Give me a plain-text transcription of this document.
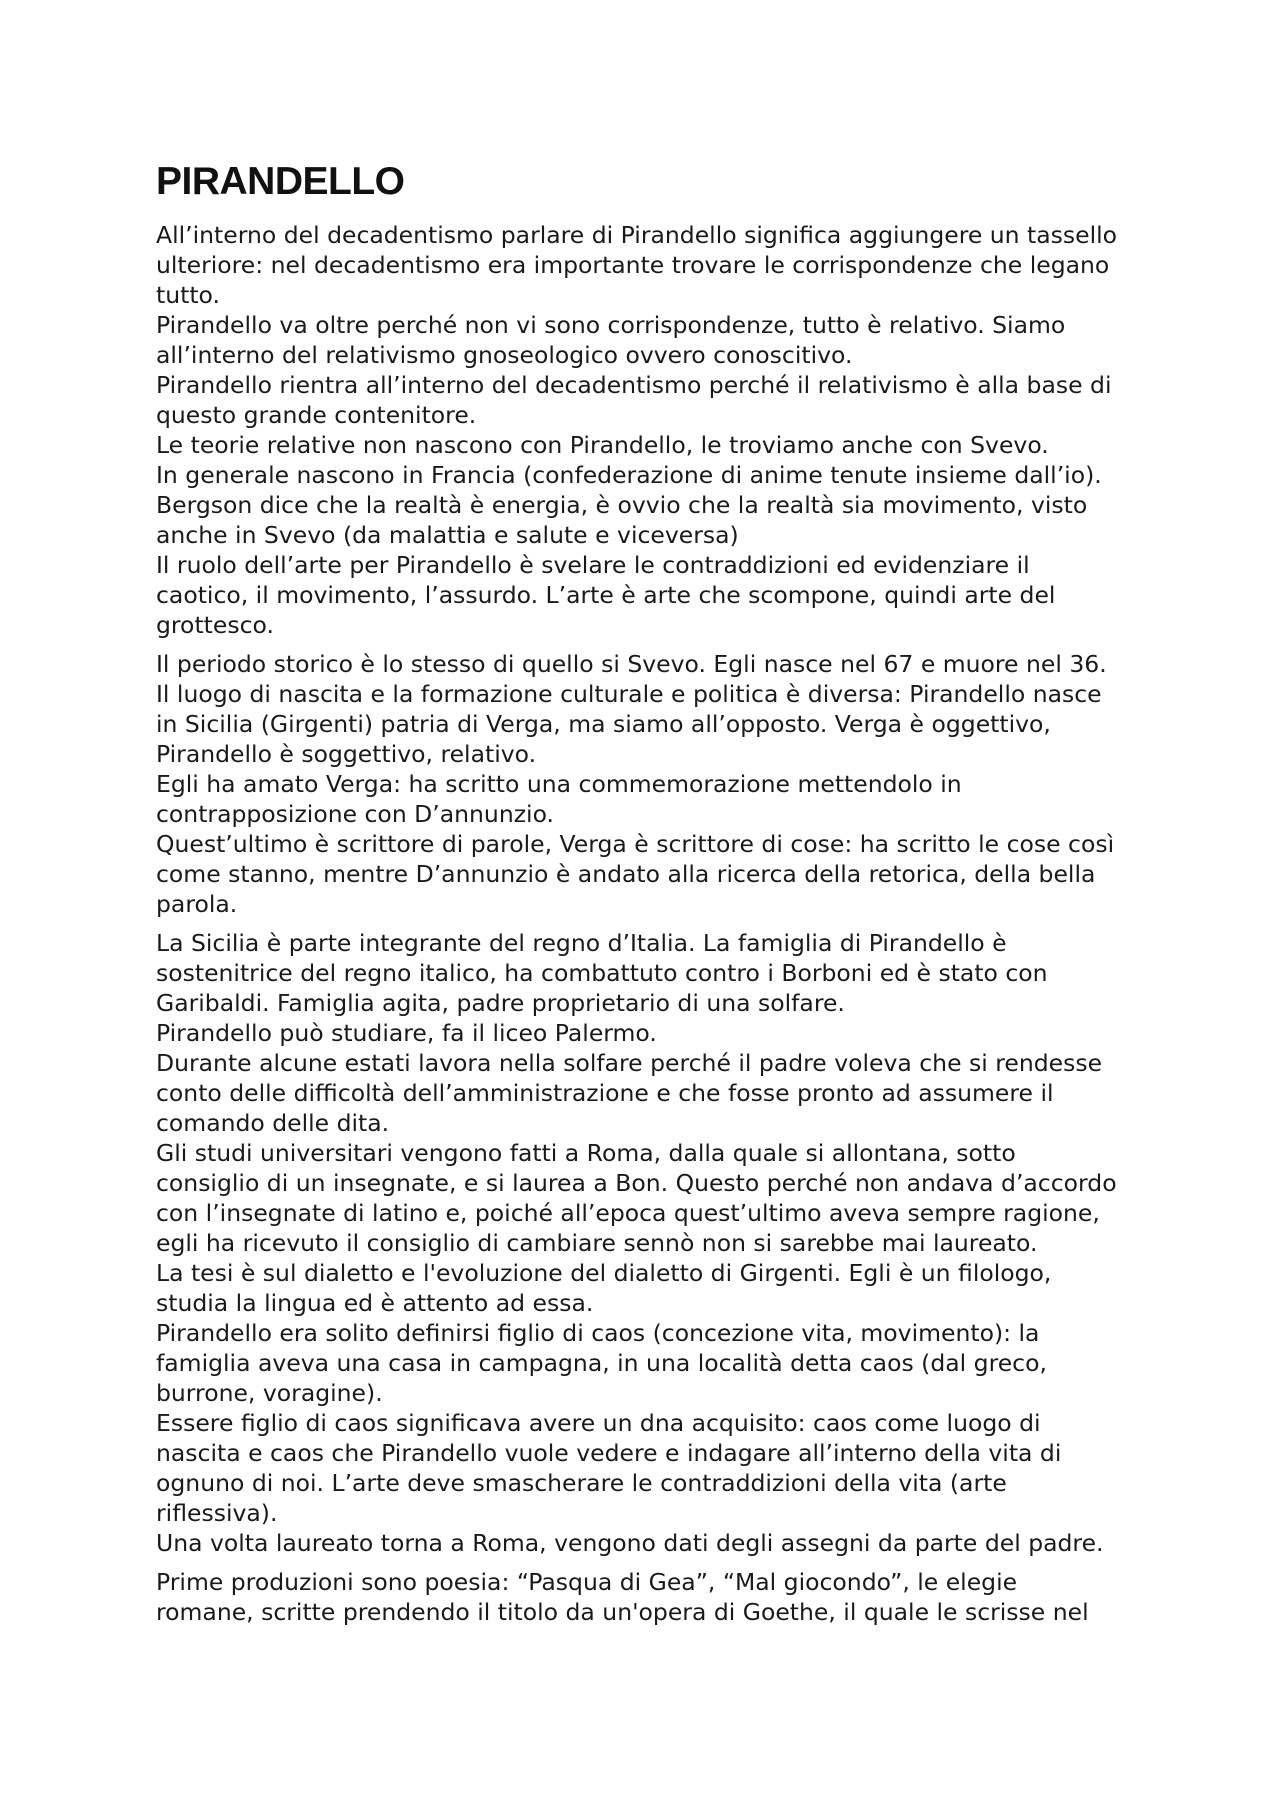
PIRANDELLO

All’interno del decadentismo parlare di Pirandello significa aggiungere un tassello
ulteriore: nel decadentismo era importante trovare le corrispondenze che legano
tutto.
Pirandello va oltre perché non vi sono corrispondenze, tutto è relativo. Siamo
all’interno del relativismo gnoseologico ovvero conoscitivo.
Pirandello rientra all’interno del decadentismo perché il relativismo è alla base di
questo grande contenitore.
Le teorie relative non nascono con Pirandello, le troviamo anche con Svevo.
In generale nascono in Francia (confederazione di anime tenute insieme dall’io).
Bergson dice che la realtà è energia, è ovvio che la realtà sia movimento, visto
anche in Svevo (da malattia e salute e viceversa)
Il ruolo dell’arte per Pirandello è svelare le contraddizioni ed evidenziare il
caotico, il movimento, l’assurdo. L’arte è arte che scompone, quindi arte del
grottesco.

Il periodo storico è lo stesso di quello si Svevo. Egli nasce nel 67 e muore nel 36.
Il luogo di nascita e la formazione culturale e politica è diversa: Pirandello nasce
in Sicilia (Girgenti) patria di Verga, ma siamo all’opposto. Verga è oggettivo,
Pirandello è soggettivo, relativo.
Egli ha amato Verga: ha scritto una commemorazione mettendolo in
contrapposizione con D’annunzio.
Quest’ultimo è scrittore di parole, Verga è scrittore di cose: ha scritto le cose così
come stanno, mentre D’annunzio è andato alla ricerca della retorica, della bella
parola.

La Sicilia è parte integrante del regno d’Italia. La famiglia di Pirandello è
sostenitrice del regno italico, ha combattuto contro i Borboni ed è stato con
Garibaldi. Famiglia agita, padre proprietario di una solfare.
Pirandello può studiare, fa il liceo Palermo.
Durante alcune estati lavora nella solfare perché il padre voleva che si rendesse
conto delle difficoltà dell’amministrazione e che fosse pronto ad assumere il
comando delle dita.
Gli studi universitari vengono fatti a Roma, dalla quale si allontana, sotto
consiglio di un insegnate, e si laurea a Bon. Questo perché non andava d’accordo
con l’insegnate di latino e, poiché all’epoca quest’ultimo aveva sempre ragione,
egli ha ricevuto il consiglio di cambiare sennò non si sarebbe mai laureato.
La tesi è sul dialetto e l'evoluzione del dialetto di Girgenti. Egli è un filologo,
studia la lingua ed è attento ad essa.
Pirandello era solito definirsi figlio di caos (concezione vita, movimento): la
famiglia aveva una casa in campagna, in una località detta caos (dal greco,
burrone, voragine).
Essere figlio di caos significava avere un dna acquisito: caos come luogo di
nascita e caos che Pirandello vuole vedere e indagare all’interno della vita di
ognuno di noi. L’arte deve smascherare le contraddizioni della vita (arte
riflessiva).
Una volta laureato torna a Roma, vengono dati degli assegni da parte del padre.

Prime produzioni sono poesia: “Pasqua di Gea”, “Mal giocondo”, le elegie
romane, scritte prendendo il titolo da un'opera di Goethe, il quale le scrisse nel
